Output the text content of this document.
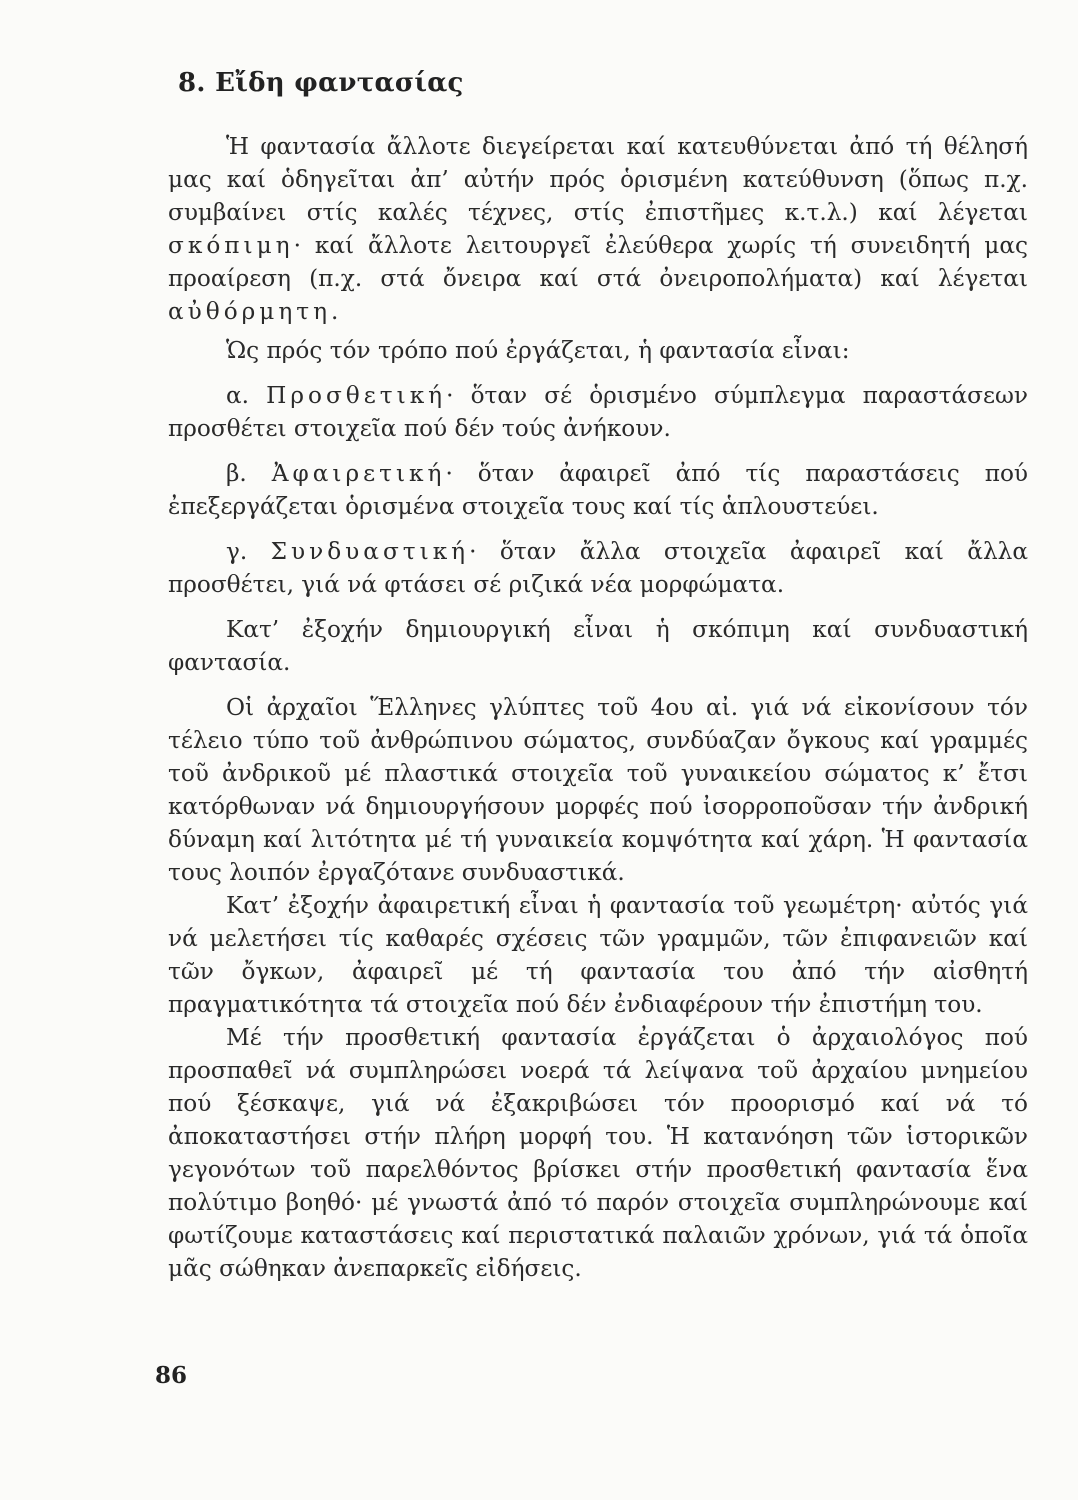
8. Εἴδη φαντασίας

Ἡ φαντασία ἄλλοτε διεγείρεται καί κατευθύνεται ἀπό τή θέλησή μας καί ὁδηγεῖται ἀπ’ αὐτήν πρός ὁρισμένη κατεύθυνση (ὅπως π.χ. συμβαίνει στίς καλές τέχνες, στίς ἐπιστῆμες κ.τ.λ.) καί λέγεται σκόπιμη· καί ἄλλοτε λειτουργεῖ ἐλεύθερα χωρίς τή συνειδητή μας προαίρεση (π.χ. στά ὄνειρα καί στά ὀνειροπολήματα) καί λέγεται αὐθόρμητη.

Ὡς πρός τόν τρόπο πού ἐργάζεται, ἡ φαντασία εἶναι:

α. Προσθετική· ὅταν σέ ὁρισμένο σύμπλεγμα παραστάσεων προσθέτει στοιχεῖα πού δέν τούς ἀνήκουν.

β. Ἀφαιρετική· ὅταν ἀφαιρεῖ ἀπό τίς παραστάσεις πού ἐπεξεργάζεται ὁρισμένα στοιχεῖα τους καί τίς ἁπλουστεύει.

γ. Συνδυαστική· ὅταν ἄλλα στοιχεῖα ἀφαιρεῖ καί ἄλλα προσθέτει, γιά νά φτάσει σέ ριζικά νέα μορφώματα.

Κατ’ ἐξοχήν δημιουργική εἶναι ἡ σκόπιμη καί συνδυαστική φαντασία.

Οἱ ἀρχαῖοι Ἕλληνες γλύπτες τοῦ 4ου αἰ. γιά νά εἰκονίσουν τόν τέλειο τύπο τοῦ ἀνθρώπινου σώματος, συνδύαζαν ὄγκους καί γραμμές τοῦ ἀνδρικοῦ μέ πλαστικά στοιχεῖα τοῦ γυναικείου σώματος κ’ ἔτσι κατόρθωναν νά δημιουργήσουν μορφές πού ἰσορροποῦσαν τήν ἀνδρική δύναμη καί λιτότητα μέ τή γυναικεία κομψότητα καί χάρη. Ἡ φαντασία τους λοιπόν ἐργαζότανε συνδυαστικά.

Κατ’ ἐξοχήν ἀφαιρετική εἶναι ἡ φαντασία τοῦ γεωμέτρη· αὐτός γιά νά μελετήσει τίς καθαρές σχέσεις τῶν γραμμῶν, τῶν ἐπιφανειῶν καί τῶν ὄγκων, ἀφαιρεῖ μέ τή φαντασία του ἀπό τήν αἰσθητή πραγματικότητα τά στοιχεῖα πού δέν ἐνδιαφέρουν τήν ἐπιστήμη του.

Μέ τήν προσθετική φαντασία ἐργάζεται ὁ ἀρχαιολόγος πού προσπαθεῖ νά συμπληρώσει νοερά τά λείψανα τοῦ ἀρχαίου μνημείου πού ξέσκαψε, γιά νά ἐξακριβώσει τόν προορισμό καί νά τό ἀποκαταστήσει στήν πλήρη μορφή του. Ἡ κατανόηση τῶν ἱστορικῶν γεγονότων τοῦ παρελθόντος βρίσκει στήν προσθετική φαντασία ἕνα πολύτιμο βοηθό· μέ γνωστά ἀπό τό παρόν στοιχεῖα συμπληρώνουμε καί φωτίζουμε καταστάσεις καί περιστατικά παλαιῶν χρόνων, γιά τά ὁποῖα μᾶς σώθηκαν ἀνεπαρκεῖς εἰδήσεις.

86
